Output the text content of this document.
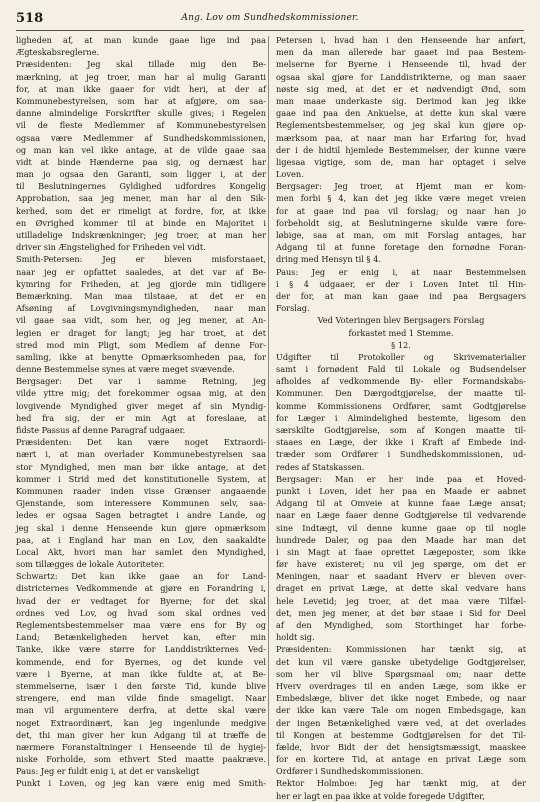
518	Ang. Lov om Sundhedskommissioner.
ligheden af, at man kunde gaae lige ind paa
Ægteskabsreglerne.
Præsidenten: Jeg skal tillade mig den Be-
mærkning, at jeg troer, man har al mulig Garanti
for, at man ikke gaaer for vidt heri, at der af
Kommunebestyrelsen, som har at afgjøre, om saa-
danne almindelige Forskrifter skulle gives; i Regelen
vil de fleste Medlemmer af Kommunebestyrelsen
ogsaa være Medlemmer af Sundhedskommissionen,
og man kan vel ikke antage, at de vilde gaae saa
vidt at binde Hænderne paa sig, og dernæst har
man jo ogsaa den Garanti, som ligger i, at der
til Beslutningernes Gyldighed udfordres Kongelig
Approbation, saa jeg mener, man har al den Sik-
kerhed, som det er rimeligt at fordre, for, at ikke
en Øvrighed kommer til at binde en Majoritet i
utilladelige Indskrænkninger; jeg troer, at man her
driver sin Ængstelighed for Friheden vel vidt.
Smith-Petersen: Jeg er bleven misforstaaet,
naar jeg er opfattet saaledes, at det var af Be-
kymring for Friheden, at jeg gjorde min tidligere
Bemærkning. Man maa tilstaae, at det er en
Afsøning af Lovgivningsmyndigheden, naar man
vil gaae saa vidt, som her, og jeg mener, at An-
legien er draget for langt; jeg har troet, at det
stred mod min Pligt, som Medlem af denne For-
samling, ikke at benytte Opmærksomheden paa, for
denne Bestemmelse synes at være meget svævende.
Bergsager: Det var i samme Retning, jeg
vilde yttre mig; det forekommer ogsaa mig, at den
lovgivende Myndighed giver meget af sin Myndig-
hed fra sig, der er min Agt at foreslaae, at
fidste Passus af denne Paragraf udgaaer.
Præsidenten: Det kan være noget Extraordi-
nært i, at man overlader Kommunebestyrelsen saa
stor Myndighed, men man bør ikke antage, at det
kommer i Strid med det konstitutionelle System, at
Kommunen raader inden visse Grænser angaaende
Gjenstande, som interessere Kommunen selv, saa-
ledes er ogsaa Sagen betragtet i andre Lande, og
jeg skal i denne Henseende kun gjøre opmærksom
paa, at i England har man en Lov, den saakaldte
Local Akt, hvori man har samlet den Myndighed,
som tillægges de lokale Autoriteter.
Schwartz: Det kan ikke gaae an for Land-
districternes Vedkommende at gjøre en Forandring i,
hvad der er vedtaget for Byerne; for det skal
ordnes ved Lov, og hvad som skal ordnes ved
Reglementsbestemmelser maa være ens for By og
Land; Betænkeligheden hervet kan, efter min
Tanke, ikke være større for Landdistrikternes Ved-
kommende, end for Byernes, og det kunde vel
være i Byerne, at man ikke fuldte at, at Be-
stemmelserne, især i den første Tid, kunde blive
strengere, end man vilde finde smageligt. Naar
man vil argumentere derfra, at dette skal være
noget Extraordinært, kan jeg ingenlunde medgive
det, thi man giver her kun Adgang til at træffe de
nærmere Foranstaltninger i Henseende til de hygiej-
niske Forholde, som ethvert Sted maatte paakræve.
Paus: Jeg er fuldt enig i, at det er vanskeligt
Punkt i Loven, og jeg kan være enig med Smith-
Petersen i, hvad han i den Henseende har anført,
men da man allerede har gaaet ind paa Bestem-
melserne for Byerne i Henseende til, hvad der
ogsaa skal gjøre for Landdistrikterne, og man saaer
nøste sig med, at det er et nødvendigt Ønd, som
man maae underkaste sig. Derimod kan jeg ikke
gaae ind paa den Ankuelse, at dette kun skal være
Reglementsbestemmelser, og jeg skal kun gjøre op-
mærksom paa, at naar man har Erfaring for, hvad
der i de hidtil hjemlede Bestemmelser, der kunne være
ligesaa vigtige, som de, man har optaget i selve
Loven.
Bergsager: Jeg troer, at Hjemt man er kom-
men forbi § 4, kan det jeg ikke være meget vreien
for at gaae ind paa vil forslag; og naar han jo
forbeholdt sig, at Beslutningerne skulde være fore-
løbige, saa at man, om mit Forslag antages, har
Adgang til at funne foretage den fornødne Foran-
dring med Hensyn til § 4.
Paus: Jeg er enig i, at naar Bestemmelsen
i § 4 udgaaer, er der i Loven Intet til Hin-
der for, at man kan gaae ind paa Bergsagers
Forslag.
Ved Voteringen blev Bergsagers Forslag
forkastet med 1 Stemme.
§ 12.
Udgifter til Protokoller og Skrivematerialier
samt i fornødent Fald til Lokale og Budsendelser
afholdes af vedkommende By- eller Formandskabs-
Kommuner. Den Dærgodtgjørelse, der maatte til-
komme Kommissionens Ordfører, samt Godtgjørelse
for Læger i Almindelighed bestemte, ligesom den
særskilte Godtgjørelse, som af Kongen maatte til-
staaes en Læge, der ikke i Kraft af Embede ind-
træder som Ordfører i Sundhedskommissionen, ud-
redes af Statskassen.
Bergsager: Man er her inde paa et Hoved-
punkt i Loven, idet her paa en Maade er aabnet
Adgang til at Omveie at kunne faae Læge ansat;
naar en Læge faaer denne Godtgjørelse til vedvarende
sine Indtægt, vil denne kunne gaae op til nogle
hundrede Daler, og paa den Maade har man det
i sin Magt at faae oprettet Lægeposter, som ikke
før have existeret; nu vil jeg spørge, om det er
Meningen, naar et saadant Hverv er bleven over-
draget en privat Læge, at dette skal vedvare hans
hele Levetid; jeg troer, at det maa være Tilfæl-
det, men jeg mener, at det bør staae i Sid for Deel
af den Myndighed, som Storthinget har forbe-
holdt sig.
Præsidenten: Kommissionen har tænkt sig, at
det kun vil være ganske ubetydelige Godtgjørelser,
som her vil blive Spørgsmaal om; naar dette
Hverv overdrages til en anden Læge, som ikke er
Embedslæge, bliver det ikke noget Embede, og naar
der ikke kan være Tale om nogen Embedsgage, kan
der ingen Betænkelighed være ved, at det overlades
til Kongen at bestemme Godtgjørelsen for det Til-
fælde, hvor Bidt der det hensigtsmæssigt, maaskee
for en kortere Tid, at antage en privat Læge som
Ordfører i Sundhedskommissionen.
Rektor Holmboe: Jeg har tænkt mig, at der
her er lagt en paa ikke at volde foregede Udgifter,
